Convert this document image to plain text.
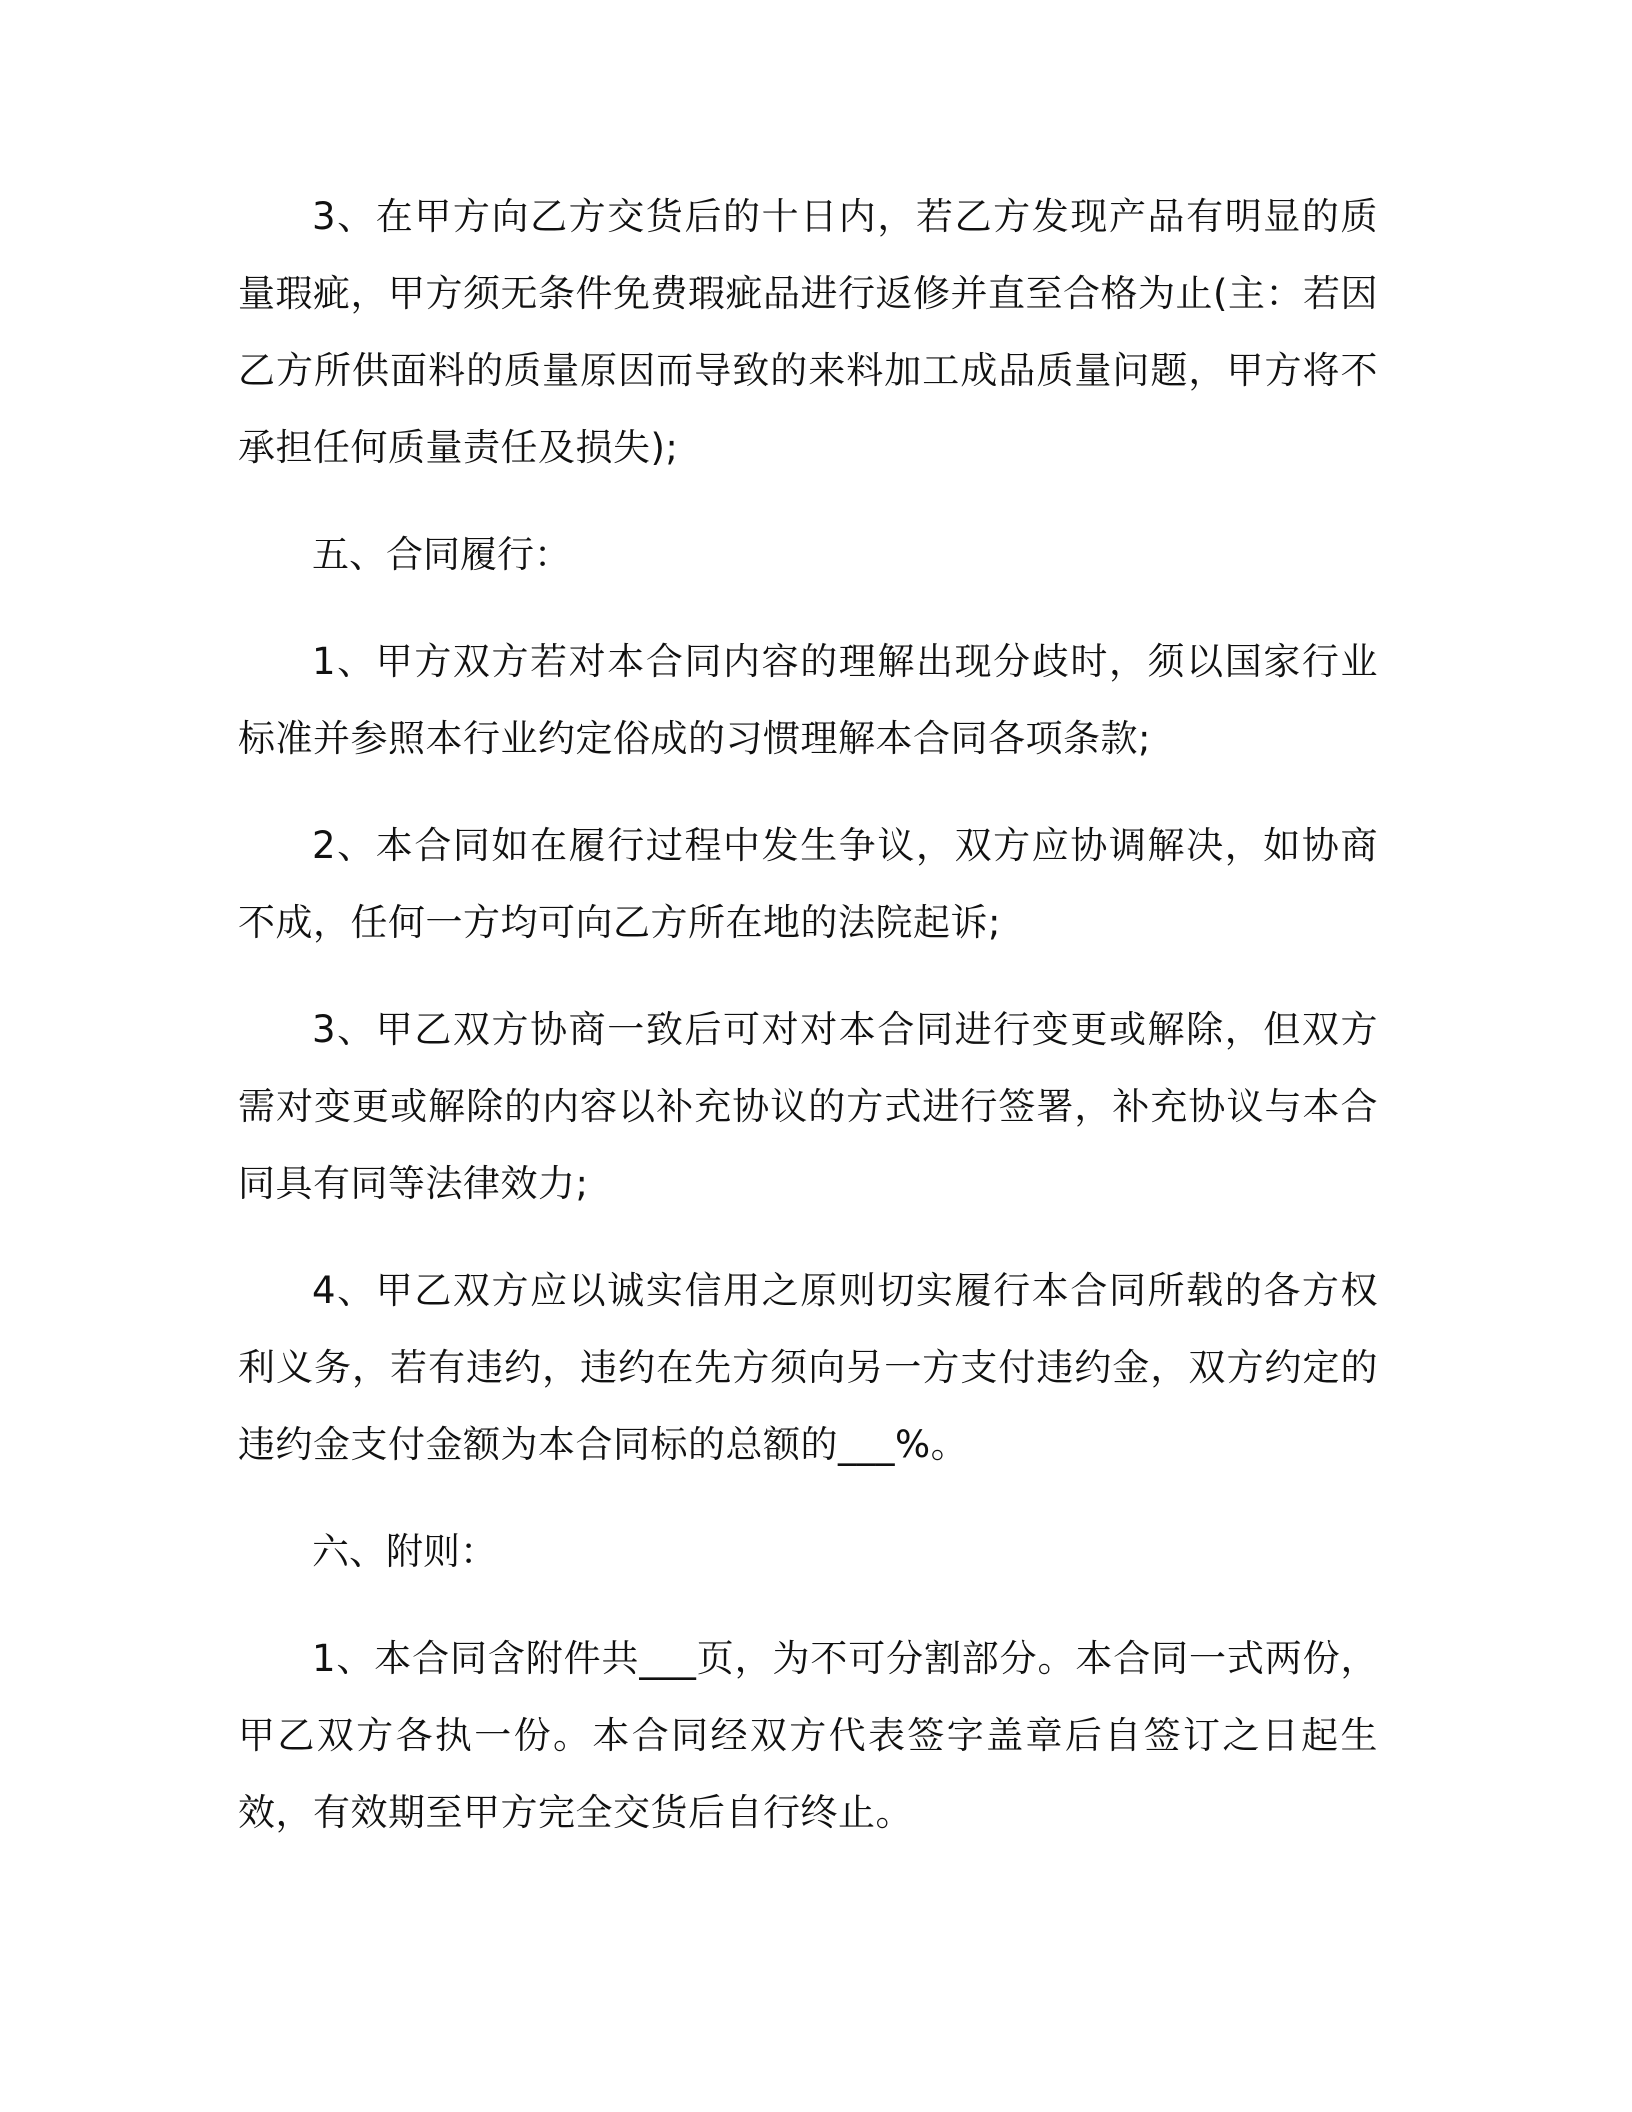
3、在甲方向乙方交货后的十日内，若乙方发现产品有明显的质量瑕疵，甲方须无条件免费瑕疵品进行返修并直至合格为止(主：若因乙方所供面料的质量原因而导致的来料加工成品质量问题，甲方将不承担任何质量责任及损失);

五、合同履行：

1、甲方双方若对本合同内容的理解出现分歧时，须以国家行业标准并参照本行业约定俗成的习惯理解本合同各项条款;

2、本合同如在履行过程中发生争议，双方应协调解决，如协商不成，任何一方均可向乙方所在地的法院起诉;

3、甲乙双方协商一致后可对对本合同进行变更或解除，但双方需对变更或解除的内容以补充协议的方式进行签署，补充协议与本合同具有同等法律效力;

4、甲乙双方应以诚实信用之原则切实履行本合同所载的各方权利义务，若有违约，违约在先方须向另一方支付违约金，双方约定的违约金支付金额为本合同标的总额的___%。

六、附则：

1、本合同含附件共___页，为不可分割部分。本合同一式两份，甲乙双方各执一份。本合同经双方代表签字盖章后自签订之日起生效，有效期至甲方完全交货后自行终止。
